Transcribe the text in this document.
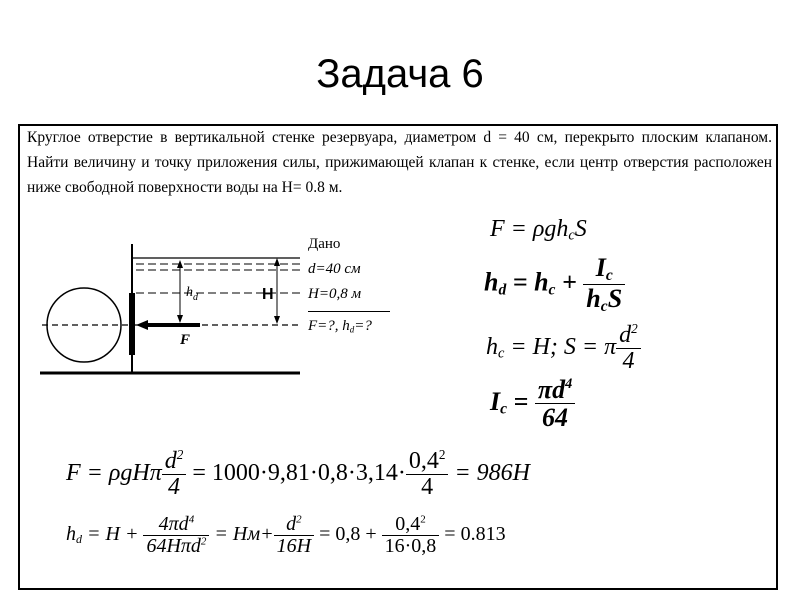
Задача 6
Круглое отверстие в вертикальной стенке резервуара, диаметром d = 40 см, перекрыто плоским клапаном. Найти величину и точку приложения силы, прижимающей клапан к стенке, если центр отверстия расположен ниже свободной поверхности воды на H= 0.8 м.
$h_d$	H
F
Дано
d=40 см
H=0,8 м
F=?, $h_d=$?
F = ρgh$_c$S
$h_d = h_c + \frac{I_c}{h_cS}$
$h_c = H$; S = π $\frac{d^2}{4}$
$I_c = \frac{\pi d^4}{64}$
F = ρgHπ $\frac{d^2}{4} = 1000\cdot 9,81\cdot 0,8\cdot 3,14\cdot \frac{0,4^2}{4} = 986H$
$h_d = H + \frac{4\pi d^4}{64H\pi d^2} = Hм+ \frac{d^2}{16H} = 0,8 + \frac{0,4^2}{16\cdot 0,8} = 0.813$
